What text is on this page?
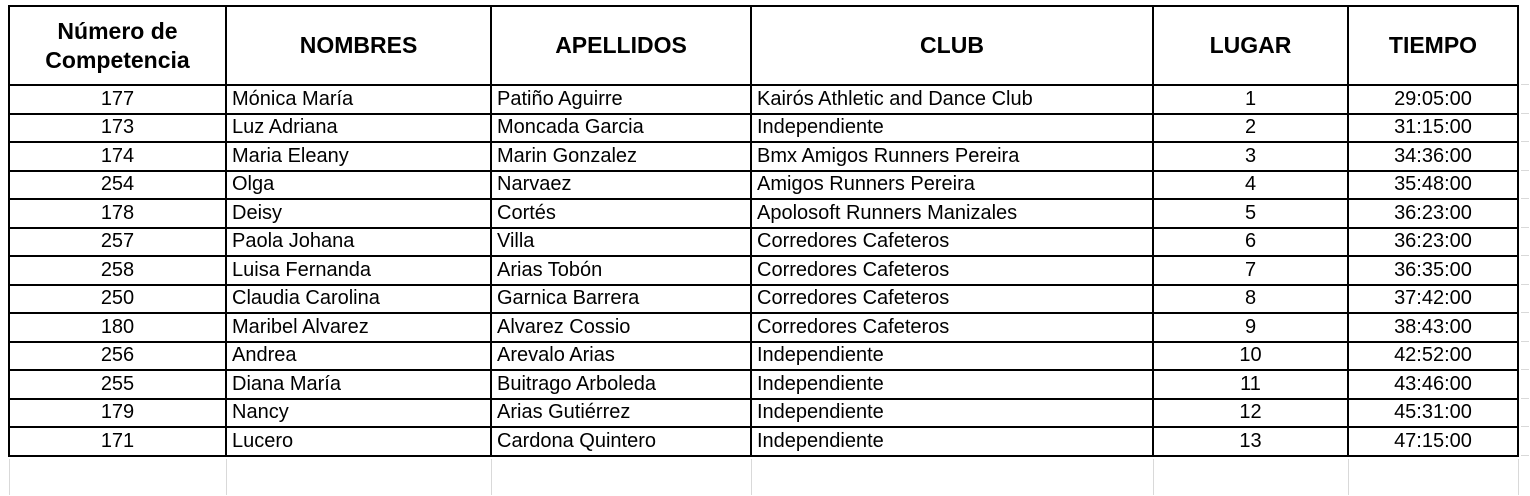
Número de Competencia	NOMBRES	APELLIDOS	CLUB	LUGAR	TIEMPO
177	Mónica María	Patiño Aguirre	Kairós Athletic and Dance Club	1	29:05:00
173	Luz Adriana	Moncada Garcia	Independiente	2	31:15:00
174	Maria Eleany	Marin Gonzalez	Bmx Amigos Runners Pereira	3	34:36:00
254	Olga	Narvaez	Amigos Runners Pereira	4	35:48:00
178	Deisy	Cortés	Apolosoft Runners Manizales	5	36:23:00
257	Paola Johana	Villa	Corredores Cafeteros	6	36:23:00
258	Luisa Fernanda	Arias Tobón	Corredores Cafeteros	7	36:35:00
250	Claudia Carolina	Garnica Barrera	Corredores Cafeteros	8	37:42:00
180	Maribel Alvarez	Alvarez Cossio	Corredores Cafeteros	9	38:43:00
256	Andrea	Arevalo Arias	Independiente	10	42:52:00
255	Diana María	Buitrago Arboleda	Independiente	11	43:46:00
179	Nancy	Arias Gutiérrez	Independiente	12	45:31:00
171	Lucero	Cardona Quintero	Independiente	13	47:15:00
